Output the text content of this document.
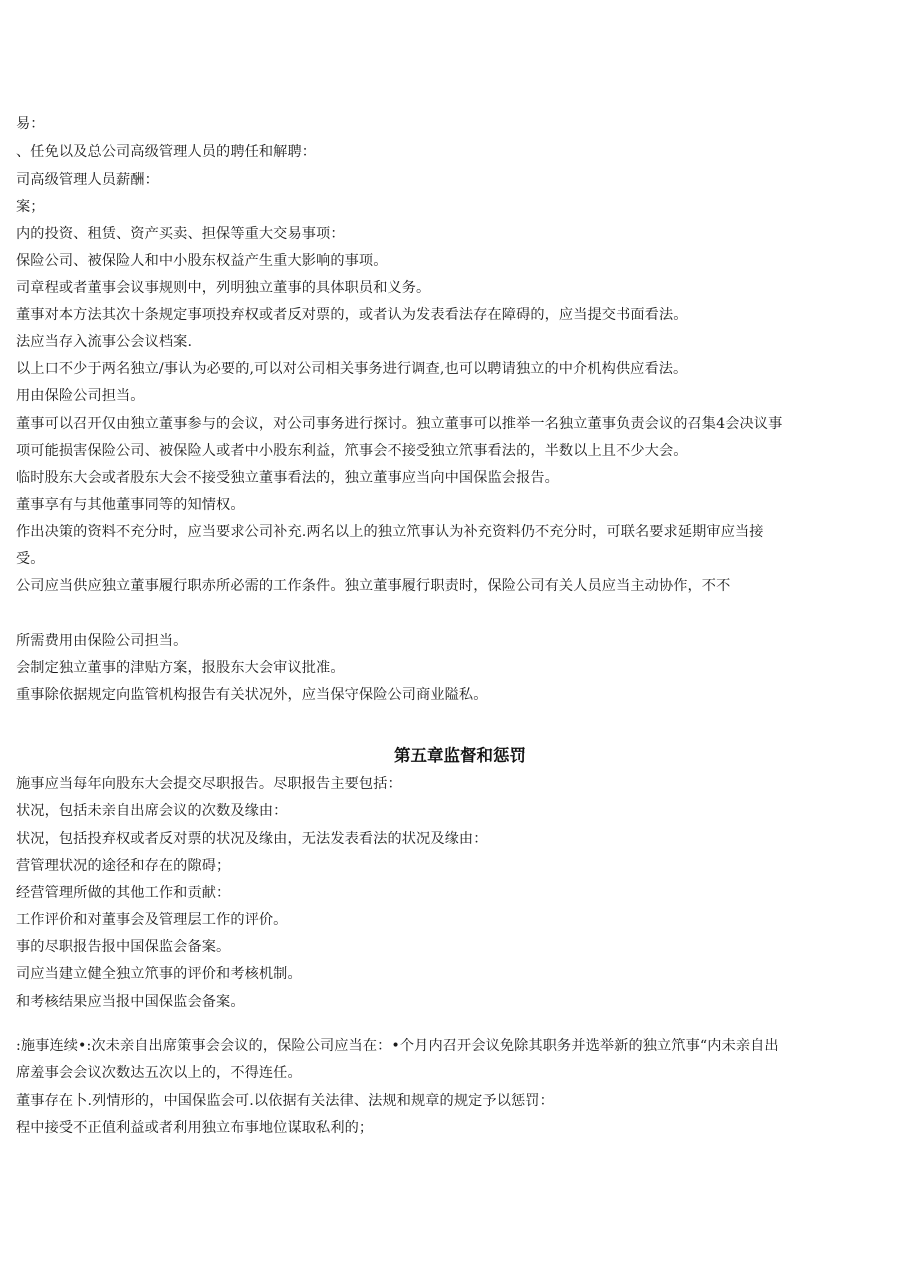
易：
、任免以及总公司高级管理人员的聘任和解聘：
司高级管理人员薪酬：
案；
内的投资、租赁、资产买卖、担保等重大交易事项：
保险公司、被保险人和中小股东权益产生重大影响的事项。
司章程或者董事会议事规则中，列明独立董事的具体职员和义务。
董事对本方法其次十条规定事项投弃权或者反对票的，或者认为发表看法存在障碍的，应当提交书面看法。
法应当存入流事公会议档案.
以上口不少于两名独立/事认为必要的,可以对公司相关事务进行调查,也可以聘请独立的中介机构供应看法。
用由保险公司担当。
董事可以召开仅由独立董事参与的会议，对公司事务进行探讨。独立董事可以推举一名独立董事负责会议的召集4会决议事
项可能损害保险公司、被保险人或者中小股东利益，笊事会不接受独立笊事看法的，半数以上且不少大会。
临时股东大会或者股东大会不接受独立董事看法的，独立董事应当向中国保监会报告。
董事享有与其他董事同等的知情权。
作出决策的资料不充分时，应当要求公司补充.两名以上的独立笊事认为补充资料仍不充分时，可联名要求延期审应当接
受。
公司应当供应独立董事履行职赤所必需的工作条件。独立董事履行职责时，保险公司有关人员应当主动协作，不不
所需费用由保险公司担当。
会制定独立董事的津贴方案，报股东大会审议批准。
重事除依据规定向监管机构报告有关状况外，应当保守保险公司商业隘私。
第五章监督和惩罚
施事应当每年向股东大会提交尽职报告。尽职报告主要包括：
状况，包括未亲自出席会议的次数及缘由：
状况，包括投弃权或者反对票的状况及缘由，无法发表看法的状况及缘由：
营管理状况的途径和存在的隙碍；
经营管理所做的其他工作和贡献：
工作评价和对董事会及管理层工作的评价。
事的尽职报告报中国保监会备案。
司应当建立健全独立笊事的评价和考核机制。
和考核结果应当报中国保监会备案。
:施事连续•:次未亲自出席策事会会议的，保险公司应当在：•个月内召开会议免除其职务并选举新的独立笊事“内未亲自出
席羞事会会议次数达五次以上的，不得连任。
董事存在卜.列情形的，中国保监会可.以依据有关法律、法规和规章的规定予以惩罚：
程中接受不正值利益或者利用独立布事地位谋取私利的；
